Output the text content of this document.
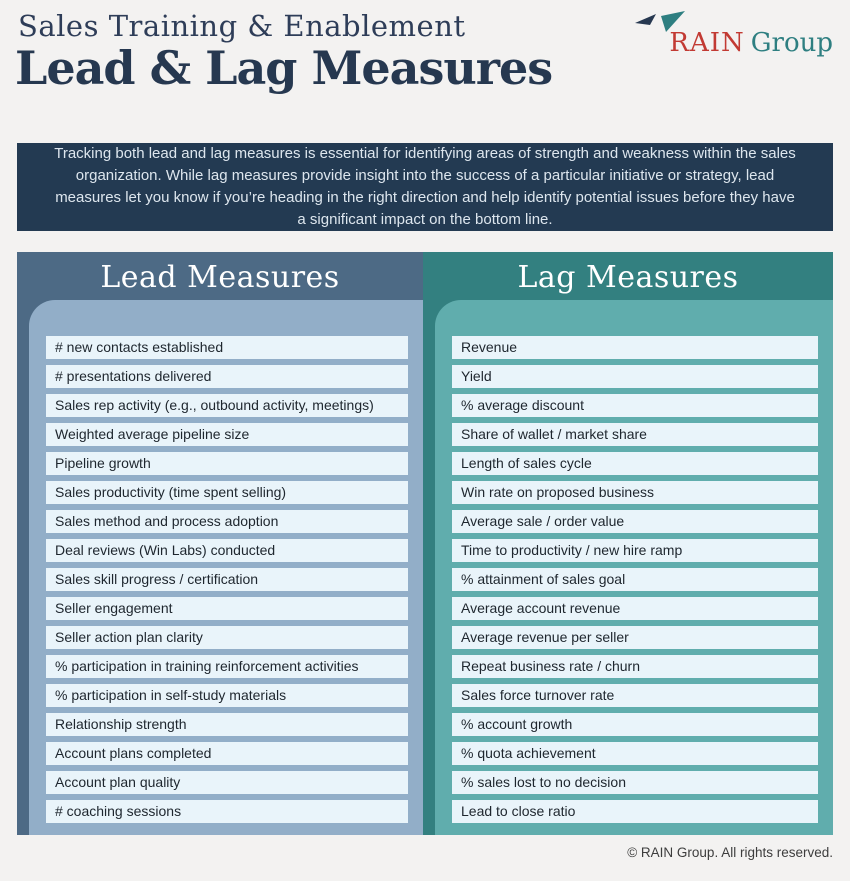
Sales Training & Enablement
Lead & Lag Measures	RAIN Group

Tracking both lead and lag measures is essential for identifying areas of strength and weakness within the sales organization. While lag measures provide insight into the success of a particular initiative or strategy, lead measures let you know if you’re heading in the right direction and help identify potential issues before they have a significant impact on the bottom line.

Lead Measures
# new contacts established
# presentations delivered
Sales rep activity (e.g., outbound activity, meetings)
Weighted average pipeline size
Pipeline growth
Sales productivity (time spent selling)
Sales method and process adoption
Deal reviews (Win Labs) conducted
Sales skill progress / certification
Seller engagement
Seller action plan clarity
% participation in training reinforcement activities
% participation in self-study materials
Relationship strength
Account plans completed
Account plan quality
# coaching sessions
Lag Measures
Revenue
Yield
% average discount
Share of wallet / market share
Length of sales cycle
Win rate on proposed business
Average sale / order value
Time to productivity / new hire ramp
% attainment of sales goal
Average account revenue
Average revenue per seller
Repeat business rate / churn
Sales force turnover rate
% account growth
% quota achievement
% sales lost to no decision
Lead to close ratio
© RAIN Group. All rights reserved.
